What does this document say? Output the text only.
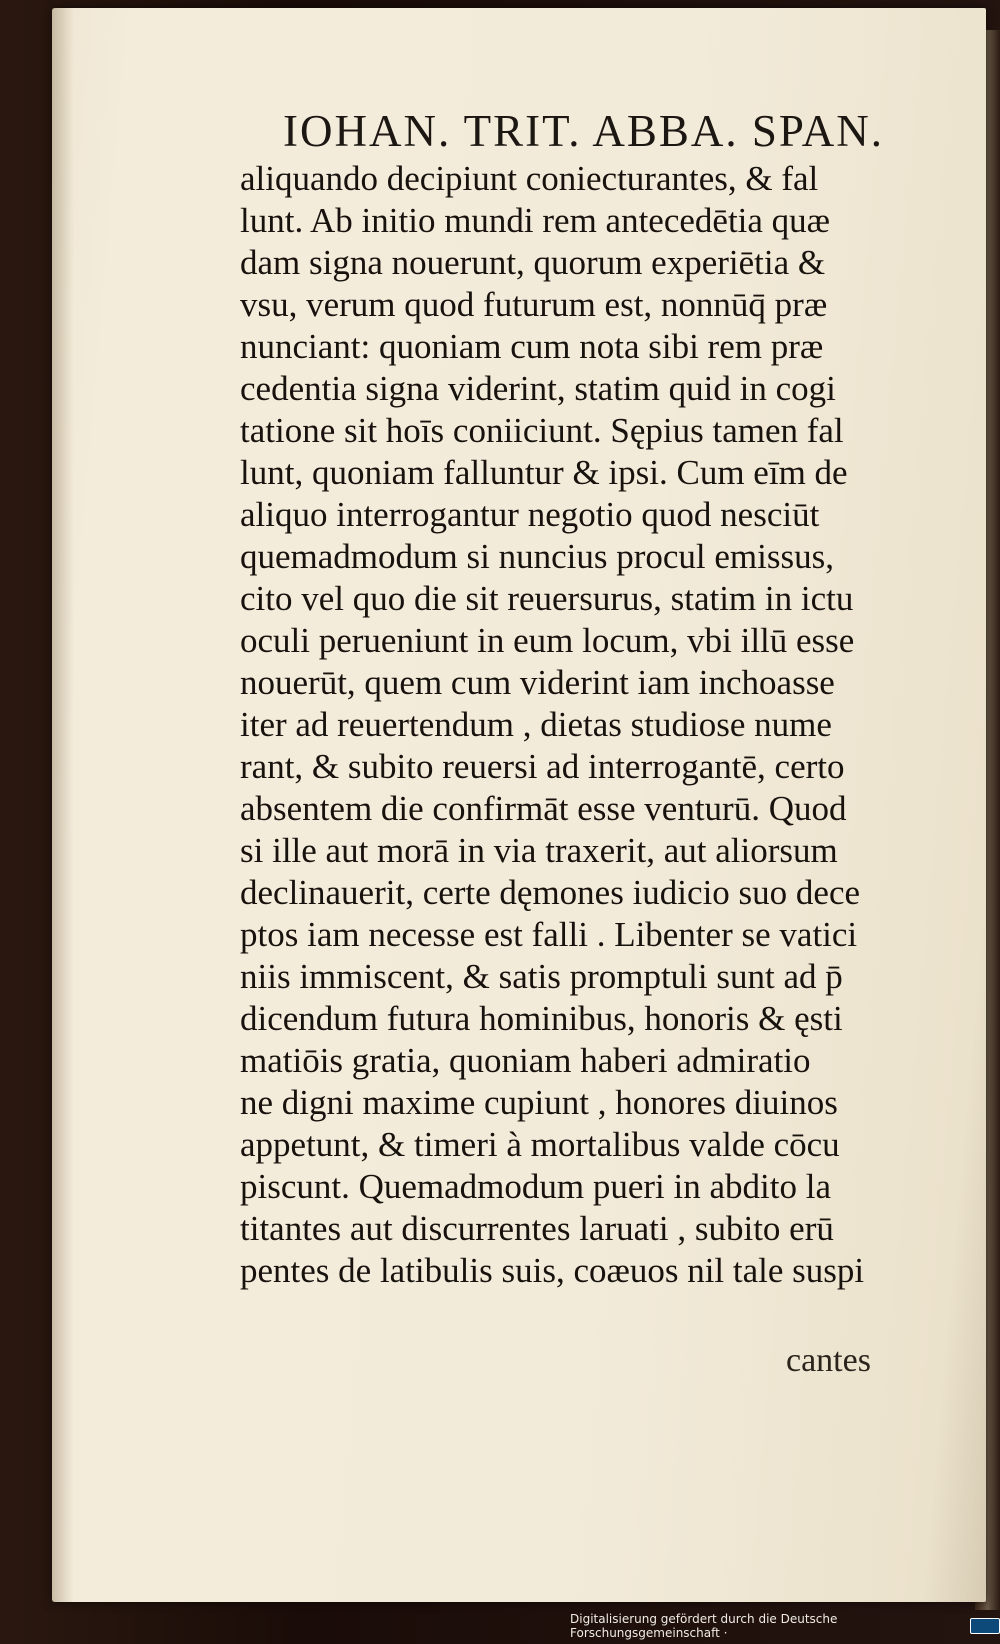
IOHAN. TRIT. ABBA. SPAN.
aliquando decipiunt coniecturantes, & fal
lunt. Ab initio mundi rem antecedētia quæ
dam signa nouerunt, quorum experiētia &
vsu, verum quod futurum est, nonnūq̄ præ
nunciant: quoniam cum nota sibi rem præ
cedentia signa viderint, statim quid in cogi
tatione sit hoīs coniiciunt. Sępius tamen fal
lunt, quoniam falluntur & ipsi. Cum eīm de
aliquo interrogantur negotio quod nesciūt
quemadmodum si nuncius procul emissus,
cito vel quo die sit reuersurus, statim in ictu
oculi perueniunt in eum locum, vbi illū esse
nouerūt, quem cum viderint iam inchoasse
iter ad reuertendum , dietas studiose nume
rant, & subito reuersi ad interrogantē, certo
absentem die confirmāt esse venturū. Quod
si ille aut morā in via traxerit, aut aliorsum
declinauerit, certe dęmones iudicio suo dece
ptos iam necesse est falli . Libenter se vatici
niis immiscent, & satis promptuli sunt ad p̄
dicendum futura hominibus, honoris & ęsti
matiōis gratia, quoniam haberi admiratio
ne digni maxime cupiunt , honores diuinos
appetunt, & timeri à mortalibus valde cōcu
piscunt. Quemadmodum pueri in abdito la
titantes aut discurrentes laruati , subito erū
pentes de latibulis suis, coæuos nil tale suspi
cantes
Digitalisierung gefördert durch die Deutsche Forschungsgemeinschaft ·
